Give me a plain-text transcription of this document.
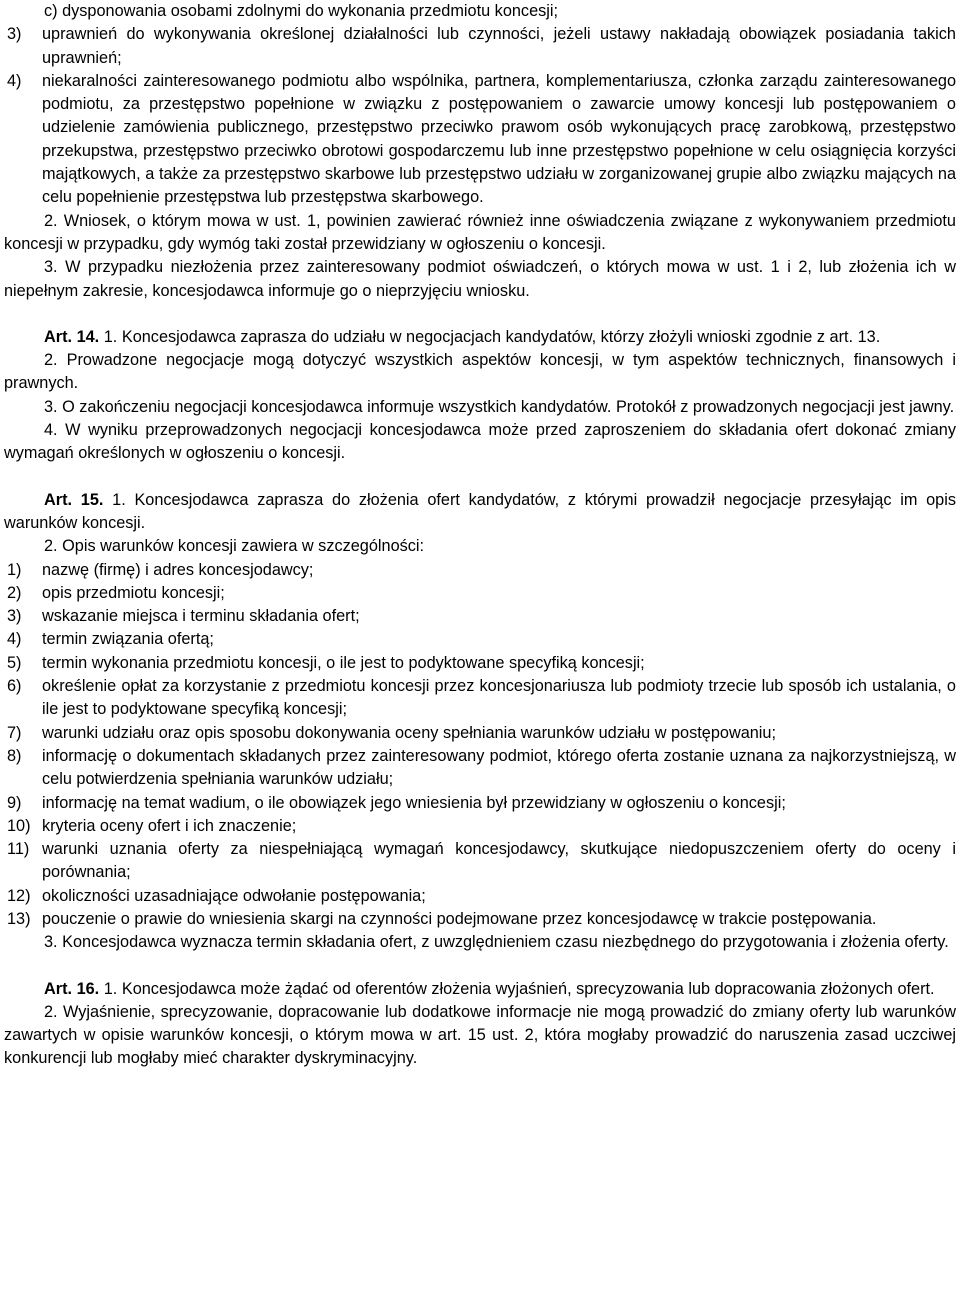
c) dysponowania osobami zdolnymi do wykonania przedmiotu koncesji;

3)	uprawnień do wykonywania określonej działalności lub czynności, jeżeli ustawy nakładają obowiązek posiadania takich uprawnień;
4)	niekaralności zainteresowanego podmiotu albo wspólnika, partnera, komplementariusza, członka zarządu zainteresowanego podmiotu, za przestępstwo popełnione w związku z postępowaniem o zawarcie umowy koncesji lub postępowaniem o udzielenie zamówienia publicznego, przestępstwo przeciwko prawom osób wykonujących pracę zarobkową, przestępstwo przekupstwa, przestępstwo przeciwko obrotowi gospodarczemu lub inne przestępstwo popełnione w celu osiągnięcia korzyści majątkowych, a także za przestępstwo skarbowe lub przestępstwo udziału w zorganizowanej grupie albo związku mających na celu popełnienie przestępstwa lub przestępstwa skarbowego.

2. Wniosek, o którym mowa w ust. 1, powinien zawierać również inne oświadczenia związane z wykonywaniem przedmiotu koncesji w przypadku, gdy wymóg taki został przewidziany w ogłoszeniu o koncesji.

3. W przypadku niezłożenia przez zainteresowany podmiot oświadczeń, o których mowa w ust. 1 i 2, lub złożenia ich w niepełnym zakresie, koncesjodawca informuje go o nieprzyjęciu wniosku.

Art. 14. 1. Koncesjodawca zaprasza do udziału w negocjacjach kandydatów, którzy złożyli wnioski zgodnie z art. 13.

2. Prowadzone negocjacje mogą dotyczyć wszystkich aspektów koncesji, w tym aspektów technicznych, finansowych i prawnych.

3. O zakończeniu negocjacji koncesjodawca informuje wszystkich kandydatów. Protokół z prowadzonych negocjacji jest jawny.

4. W wyniku przeprowadzonych negocjacji koncesjodawca może przed zaproszeniem do składania ofert dokonać zmiany wymagań określonych w ogłoszeniu o koncesji.

Art. 15. 1. Koncesjodawca zaprasza do złożenia ofert kandydatów, z którymi prowadził negocjacje przesyłając im opis warunków koncesji.

2. Opis warunków koncesji zawiera w szczególności:

1)	nazwę (firmę) i adres koncesjodawcy;
2)	opis przedmiotu koncesji;
3)	wskazanie miejsca i terminu składania ofert;
4)	termin związania ofertą;
5)	termin wykonania przedmiotu koncesji, o ile jest to podyktowane specyfiką koncesji;
6)	określenie opłat za korzystanie z przedmiotu koncesji przez koncesjonariusza lub podmioty trzecie lub sposób ich ustalania, o ile jest to podyktowane specyfiką koncesji;
7)	warunki udziału oraz opis sposobu dokonywania oceny spełniania warunków udziału w postępowaniu;
8)	informację o dokumentach składanych przez zainteresowany podmiot, którego oferta zostanie uznana za najkorzystniejszą, w celu potwierdzenia spełniania warunków udziału;
9)	informację na temat wadium, o ile obowiązek jego wniesienia był przewidziany w ogłoszeniu o koncesji;
10) kryteria oceny ofert i ich znaczenie;
11) warunki uznania oferty za niespełniającą wymagań koncesjodawcy, skutkujące niedopuszczeniem oferty do oceny i porównania;
12) okoliczności uzasadniające odwołanie postępowania;
13) pouczenie o prawie do wniesienia skargi na czynności podejmowane przez koncesjodawcę w trakcie postępowania.

3. Koncesjodawca wyznacza termin składania ofert, z uwzględnieniem czasu niezbędnego do przygotowania i złożenia oferty.

Art. 16. 1. Koncesjodawca może żądać od oferentów złożenia wyjaśnień, sprecyzowania lub dopracowania złożonych ofert.

2. Wyjaśnienie, sprecyzowanie, dopracowanie lub dodatkowe informacje nie mogą prowadzić do zmiany oferty lub warunków zawartych w opisie warunków koncesji, o którym mowa w art. 15 ust. 2, która mogłaby prowadzić do naruszenia zasad uczciwej konkurencji lub mogłaby mieć charakter dyskryminacyjny.
